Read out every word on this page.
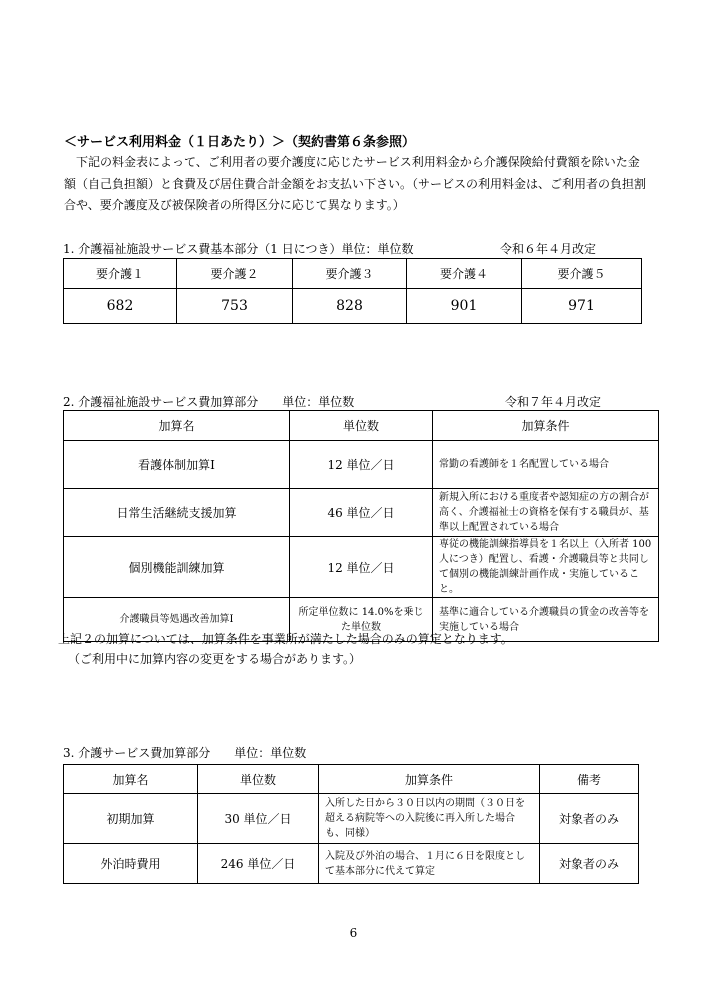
＜サービス利用料金（１日あたり）＞（契約書第６条参照）

下記の料金表によって、ご利用者の要介護度に応じたサービス利用料金から介護保険給付費額を除いた金額（自己負担額）と食費及び居住費合計金額をお支払い下さい。（サービスの利用料金は、ご利用者の負担割合や、要介護度及び被保険者の所得区分に応じて異なります。）

1. 介護福祉施設サービス費基本部分（1 日につき）単位：単位数	令和６年４月改定
要介護１	要介護２	要介護３	要介護４	要介護５
682	753	828	901	971
2. 介護福祉施設サービス費加算部分　　単位：単位数	令和７年４月改定
加算名	単位数	加算条件
看護体制加算Ⅰ	12 単位／日	常勤の看護師を１名配置している場合
日常生活継続支援加算	46 単位／日	新規入所における重度者や認知症の方の割合が高く、介護福祉士の資格を保有する職員が、基準以上配置されている場合
個別機能訓練加算	12 単位／日	専従の機能訓練指導員を１名以上（入所者 100 人につき）配置し、看護・介護職員等と共同して個別の機能訓練計画作成・実施していること。
介護職員等処遇改善加算Ⅰ	所定単位数に 14.0%を乗じた単位数	基準に適合している介護職員の賃金の改善等を実施している場合
上記２の加算については、加算条件を事業所が満たした場合のみの算定となります。
（ご利用中に加算内容の変更をする場合があります。）
3. 介護サービス費加算部分　　単位：単位数
加算名	単位数	加算条件	備考
初期加算	30 単位／日	入所した日から３０日以内の期間（３０日を超える病院等への入院後に再入所した場合も、同様）	対象者のみ
外泊時費用	246 単位／日	入院及び外泊の場合、１月に６日を限度として基本部分に代えて算定	対象者のみ
6
